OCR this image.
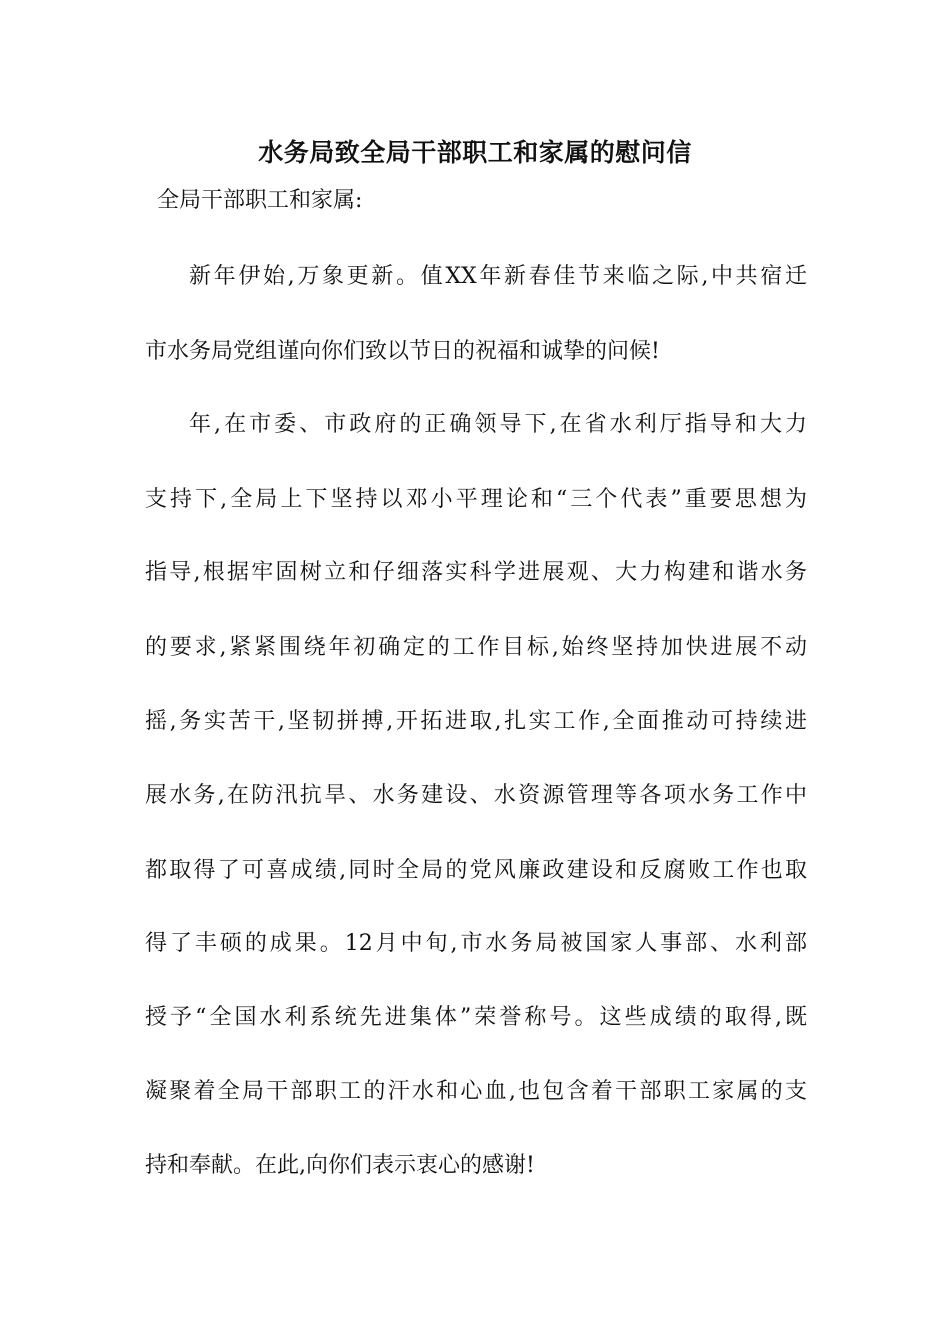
水务局致全局干部职工和家属的慰问信
全局干部职工和家属:
新年伊始,万象更新。值XX年新春佳节来临之际,中共宿迁
市水务局党组谨向你们致以节日的祝福和诚挚的问候!
年,在市委、市政府的正确领导下,在省水利厅指导和大力
支持下,全局上下坚持以邓小平理论和“三个代表”重要思想为
指导,根据牢固树立和仔细落实科学进展观、大力构建和谐水务
的要求,紧紧围绕年初确定的工作目标,始终坚持加快进展不动
摇,务实苦干,坚韧拼搏,开拓进取,扎实工作,全面推动可持续进
展水务,在防汛抗旱、水务建设、水资源管理等各项水务工作中
都取得了可喜成绩,同时全局的党风廉政建设和反腐败工作也取
得了丰硕的成果。12月中旬,市水务局被国家人事部、水利部
授予“全国水利系统先进集体”荣誉称号。这些成绩的取得,既
凝聚着全局干部职工的汗水和心血,也包含着干部职工家属的支
持和奉献。在此,向你们表示衷心的感谢!
